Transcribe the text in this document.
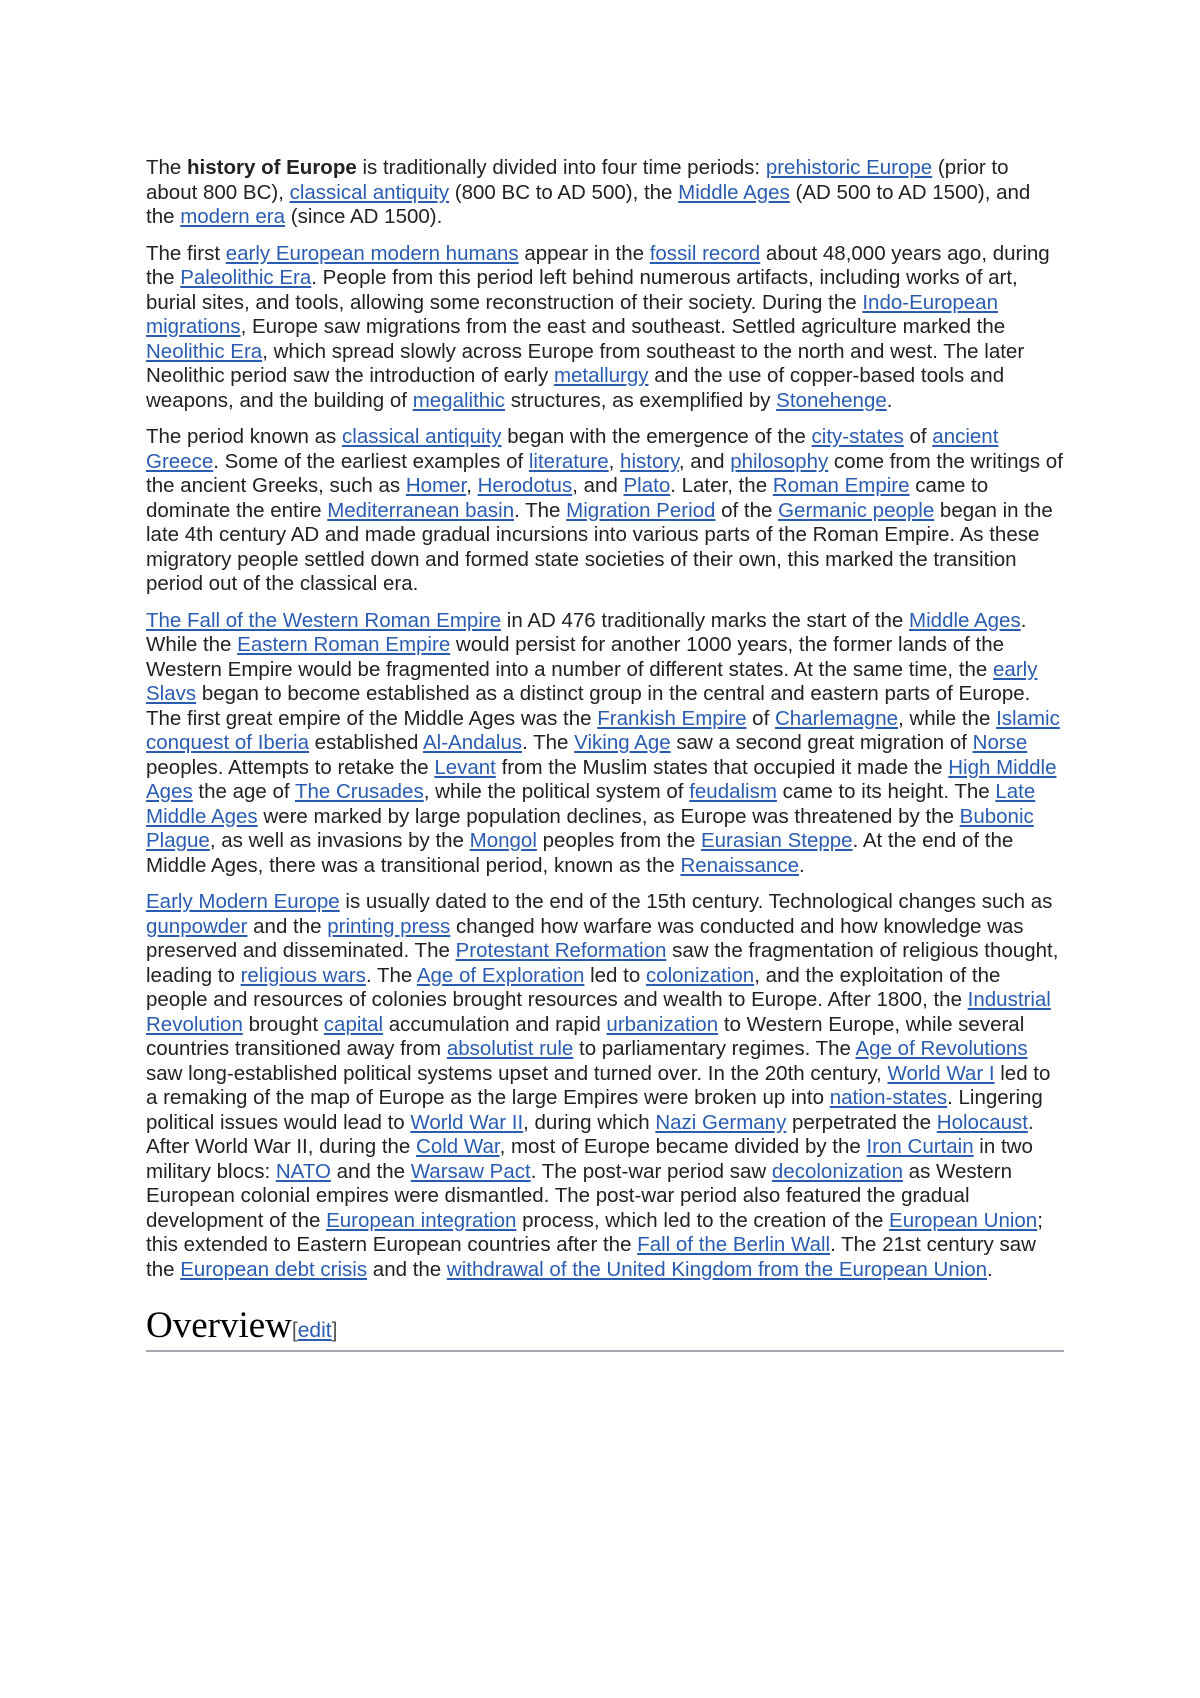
The history of Europe is traditionally divided into four time periods: prehistoric Europe (prior to about 800 BC), classical antiquity (800 BC to AD 500), the Middle Ages (AD 500 to AD 1500), and the modern era (since AD 1500).

The first early European modern humans appear in the fossil record about 48,000 years ago, during the Paleolithic Era. People from this period left behind numerous artifacts, including works of art, burial sites, and tools, allowing some reconstruction of their society. During the Indo-European migrations, Europe saw migrations from the east and southeast. Settled agriculture marked the Neolithic Era, which spread slowly across Europe from southeast to the north and west. The later Neolithic period saw the introduction of early metallurgy and the use of copper-based tools and weapons, and the building of megalithic structures, as exemplified by Stonehenge.

The period known as classical antiquity began with the emergence of the city-states of ancient Greece. Some of the earliest examples of literature, history, and philosophy come from the writings of the ancient Greeks, such as Homer, Herodotus, and Plato. Later, the Roman Empire came to dominate the entire Mediterranean basin. The Migration Period of the Germanic people began in the late 4th century AD and made gradual incursions into various parts of the Roman Empire. As these migratory people settled down and formed state societies of their own, this marked the transition period out of the classical era.

The Fall of the Western Roman Empire in AD 476 traditionally marks the start of the Middle Ages. While the Eastern Roman Empire would persist for another 1000 years, the former lands of the Western Empire would be fragmented into a number of different states. At the same time, the early Slavs began to become established as a distinct group in the central and eastern parts of Europe. The first great empire of the Middle Ages was the Frankish Empire of Charlemagne, while the Islamic conquest of Iberia established Al-Andalus. The Viking Age saw a second great migration of Norse peoples. Attempts to retake the Levant from the Muslim states that occupied it made the High Middle Ages the age of The Crusades, while the political system of feudalism came to its height. The Late Middle Ages were marked by large population declines, as Europe was threatened by the Bubonic Plague, as well as invasions by the Mongol peoples from the Eurasian Steppe. At the end of the Middle Ages, there was a transitional period, known as the Renaissance.

Early Modern Europe is usually dated to the end of the 15th century. Technological changes such as gunpowder and the printing press changed how warfare was conducted and how knowledge was preserved and disseminated. The Protestant Reformation saw the fragmentation of religious thought, leading to religious wars. The Age of Exploration led to colonization, and the exploitation of the people and resources of colonies brought resources and wealth to Europe. After 1800, the Industrial Revolution brought capital accumulation and rapid urbanization to Western Europe, while several countries transitioned away from absolutist rule to parliamentary regimes. The Age of Revolutions saw long-established political systems upset and turned over. In the 20th century, World War I led to a remaking of the map of Europe as the large Empires were broken up into nation-states. Lingering political issues would lead to World War II, during which Nazi Germany perpetrated the Holocaust. After World War II, during the Cold War, most of Europe became divided by the Iron Curtain in two military blocs: NATO and the Warsaw Pact. The post-war period saw decolonization as Western European colonial empires were dismantled. The post-war period also featured the gradual development of the European integration process, which led to the creation of the European Union; this extended to Eastern European countries after the Fall of the Berlin Wall. The 21st century saw the European debt crisis and the withdrawal of the United Kingdom from the European Union.

Overview[edit]
